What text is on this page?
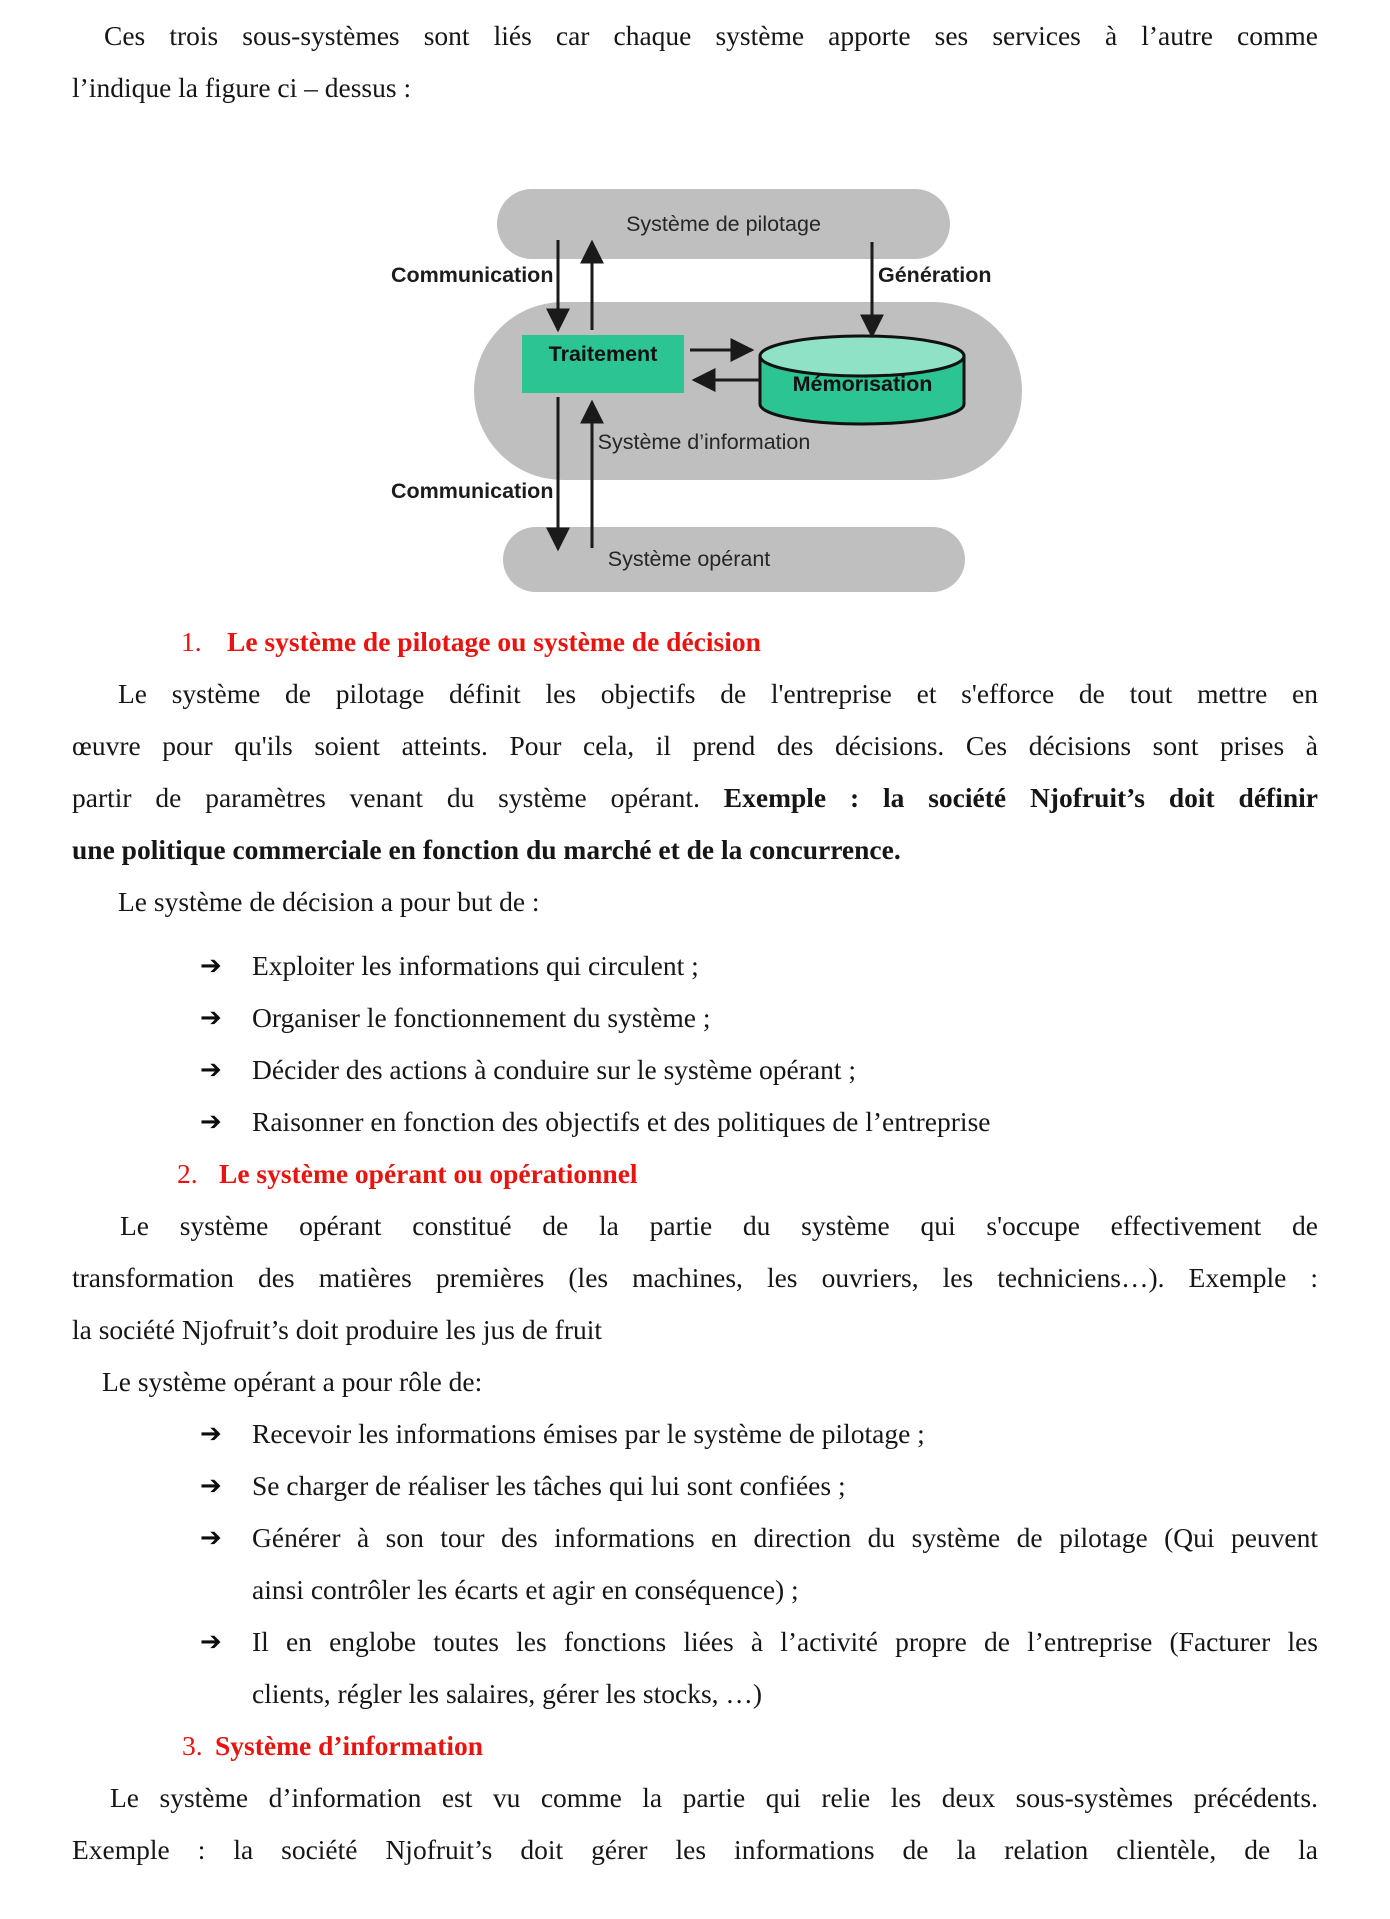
Système de pilotage
Système opérant
Traitement
Mémorisation
Système d’information
Communication	Génération
Communication
Ces trois sous-systèmes sont liés car chaque système apporte ses services à l’autre comme
l’indique la figure ci – dessus :
1. Le système de pilotage ou système de décision
Le système de pilotage définit les objectifs de l'entreprise et s'efforce de tout mettre en
œuvre pour qu'ils soient atteints. Pour cela, il prend des décisions. Ces décisions sont prises à
partir de paramètres venant du système opérant. Exemple : la société Njofruit’s doit définir
une politique commerciale en fonction du marché et de la concurrence.
Le système de décision a pour but de :
➔ Exploiter les informations qui circulent ;
➔ Organiser le fonctionnement du système ;
➔ Décider des actions à conduire sur le système opérant ;
➔ Raisonner en fonction des objectifs et des politiques de l’entreprise
2. Le système opérant ou opérationnel
Le système opérant constitué de la partie du système qui s'occupe effectivement de
transformation des matières premières (les machines, les ouvriers, les techniciens…). Exemple :
la société Njofruit’s doit produire les jus de fruit
Le système opérant a pour rôle de:
➔ Recevoir les informations émises par le système de pilotage ;
➔ Se charger de réaliser les tâches qui lui sont confiées ;
➔ Générer à son tour des informations en direction du système de pilotage (Qui peuvent
ainsi contrôler les écarts et agir en conséquence) ;
➔ Il en englobe toutes les fonctions liées à l’activité propre de l’entreprise (Facturer les
clients, régler les salaires, gérer les stocks, …)
3. Système d’information
Le système d’information est vu comme la partie qui relie les deux sous-systèmes précédents.
Exemple : la société Njofruit’s doit gérer les informations de la relation clientèle, de la
